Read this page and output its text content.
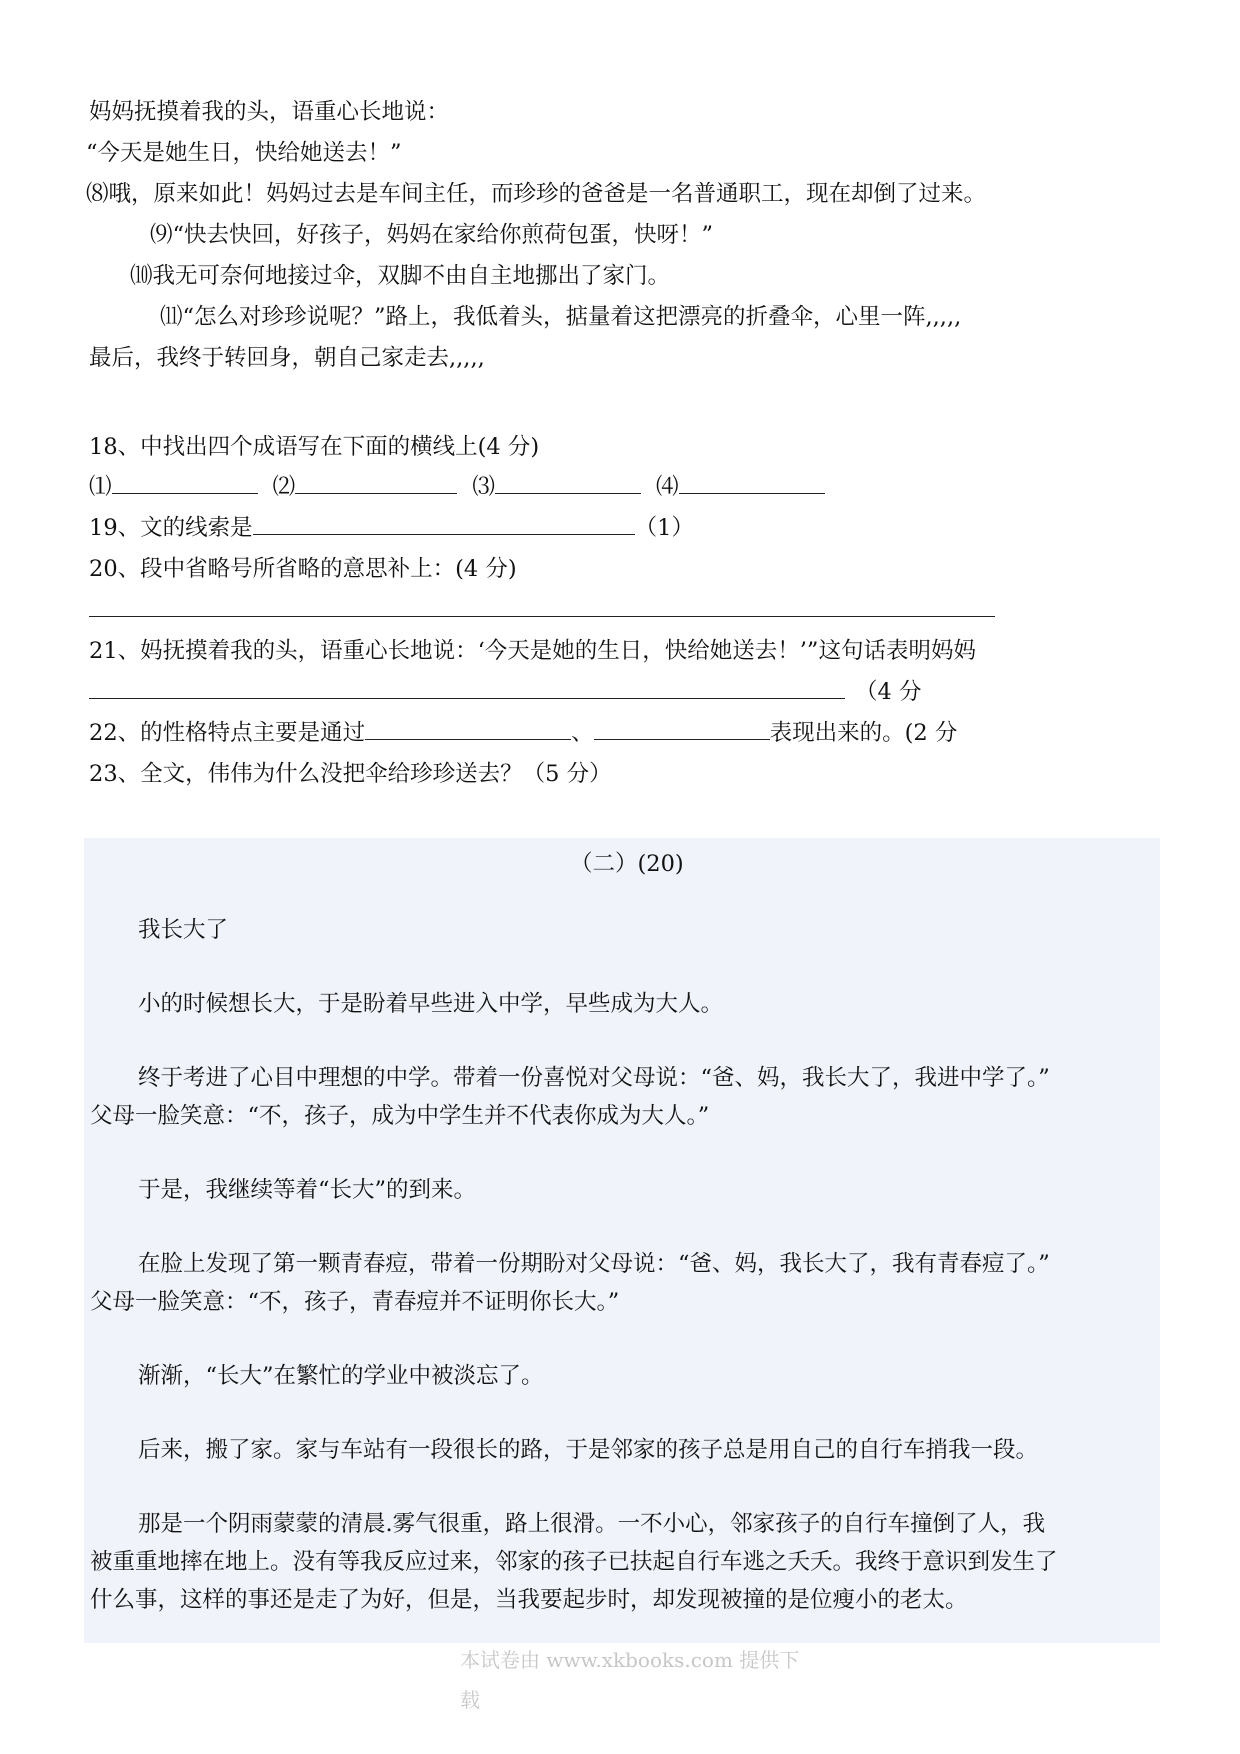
妈妈抚摸着我的头，语重心长地说：
“今天是她生日，快给她送去！”
⑻哦，原来如此！妈妈过去是车间主任，而珍珍的爸爸是一名普通职工，现在却倒了过来。
⑼“快去快回，好孩子，妈妈在家给你煎荷包蛋，快呀！”
⑽我无可奈何地接过伞，双脚不由自主地挪出了家门。
⑾“怎么对珍珍说呢？”路上，我低着头，掂量着这把漂亮的折叠伞，心里一阵,,,,,
最后，我终于转回身，朝自己家走去,,,,,
18、中找出四个成语写在下面的横线上(4 分)
⑴	⑵	⑶	⑷
19、文的线索是	（1）
20、段中省略号所省略的意思补上：(4 分)
21、妈抚摸着我的头，语重心长地说：‘今天是她的生日，快给她送去！’”这句话表明妈妈
（4 分
22、的性格特点主要是通过	、	表现出来的。(2 分
23、全文，伟伟为什么没把伞给珍珍送去？（5 分）
（二）(20)
我长大了
小的时候想长大，于是盼着早些进入中学，早些成为大人。
终于考进了心目中理想的中学。带着一份喜悦对父母说：“爸、妈，我长大了，我进中学了。”
父母一脸笑意：“不，孩子，成为中学生并不代表你成为大人。”
于是，我继续等着“长大”的到来。
在脸上发现了第一颗青春痘，带着一份期盼对父母说：“爸、妈，我长大了，我有青春痘了。”
父母一脸笑意：“不，孩子，青春痘并不证明你长大。”
渐渐，“长大”在繁忙的学业中被淡忘了。
后来，搬了家。家与车站有一段很长的路，于是邻家的孩子总是用自己的自行车捎我一段。
那是一个阴雨蒙蒙的清晨.雾气很重，路上很滑。一不小心，邻家孩子的自行车撞倒了人，我
被重重地摔在地上。没有等我反应过来，邻家的孩子已扶起自行车逃之夭夭。我终于意识到发生了
什么事，这样的事还是走了为好，但是，当我要起步时，却发现被撞的是位瘦小的老太。
本试卷由 www.xkbooks.com 提供下载
